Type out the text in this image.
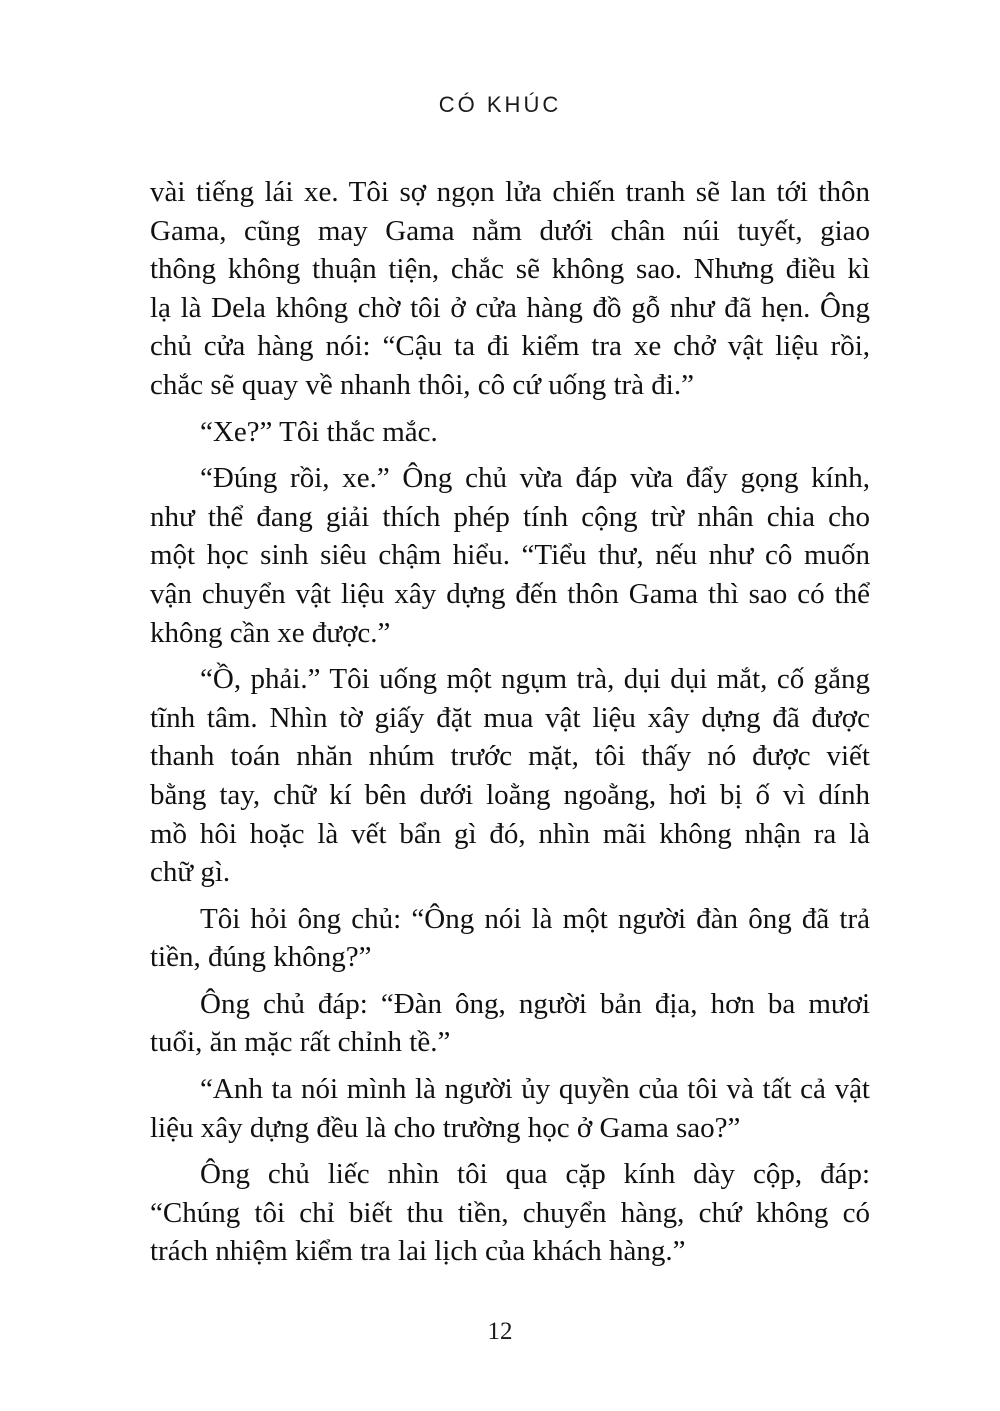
CÓ KHÚC
vài tiếng lái xe. Tôi sợ ngọn lửa chiến tranh sẽ lan tới thôn
Gama, cũng may Gama nằm dưới chân núi tuyết, giao
thông không thuận tiện, chắc sẽ không sao. Nhưng điều kì
lạ là Dela không chờ tôi ở cửa hàng đồ gỗ như đã hẹn. Ông
chủ cửa hàng nói: “Cậu ta đi kiểm tra xe chở vật liệu rồi,
chắc sẽ quay về nhanh thôi, cô cứ uống trà đi.”
“Xe?” Tôi thắc mắc.
“Đúng rồi, xe.” Ông chủ vừa đáp vừa đẩy gọng kính,
như thể đang giải thích phép tính cộng trừ nhân chia cho
một học sinh siêu chậm hiểu. “Tiểu thư, nếu như cô muốn
vận chuyển vật liệu xây dựng đến thôn Gama thì sao có thể
không cần xe được.”
“Ồ, phải.” Tôi uống một ngụm trà, dụi dụi mắt, cố gắng
tĩnh tâm. Nhìn tờ giấy đặt mua vật liệu xây dựng đã được
thanh toán nhăn nhúm trước mặt, tôi thấy nó được viết
bằng tay, chữ kí bên dưới loằng ngoằng, hơi bị ố vì dính
mồ hôi hoặc là vết bẩn gì đó, nhìn mãi không nhận ra là
chữ gì.
Tôi hỏi ông chủ: “Ông nói là một người đàn ông đã trả
tiền, đúng không?”
Ông chủ đáp: “Đàn ông, người bản địa, hơn ba mươi
tuổi, ăn mặc rất chỉnh tề.”
“Anh ta nói mình là người ủy quyền của tôi và tất cả vật
liệu xây dựng đều là cho trường học ở Gama sao?”
Ông chủ liếc nhìn tôi qua cặp kính dày cộp, đáp:
“Chúng tôi chỉ biết thu tiền, chuyển hàng, chứ không có
trách nhiệm kiểm tra lai lịch của khách hàng.”
12
